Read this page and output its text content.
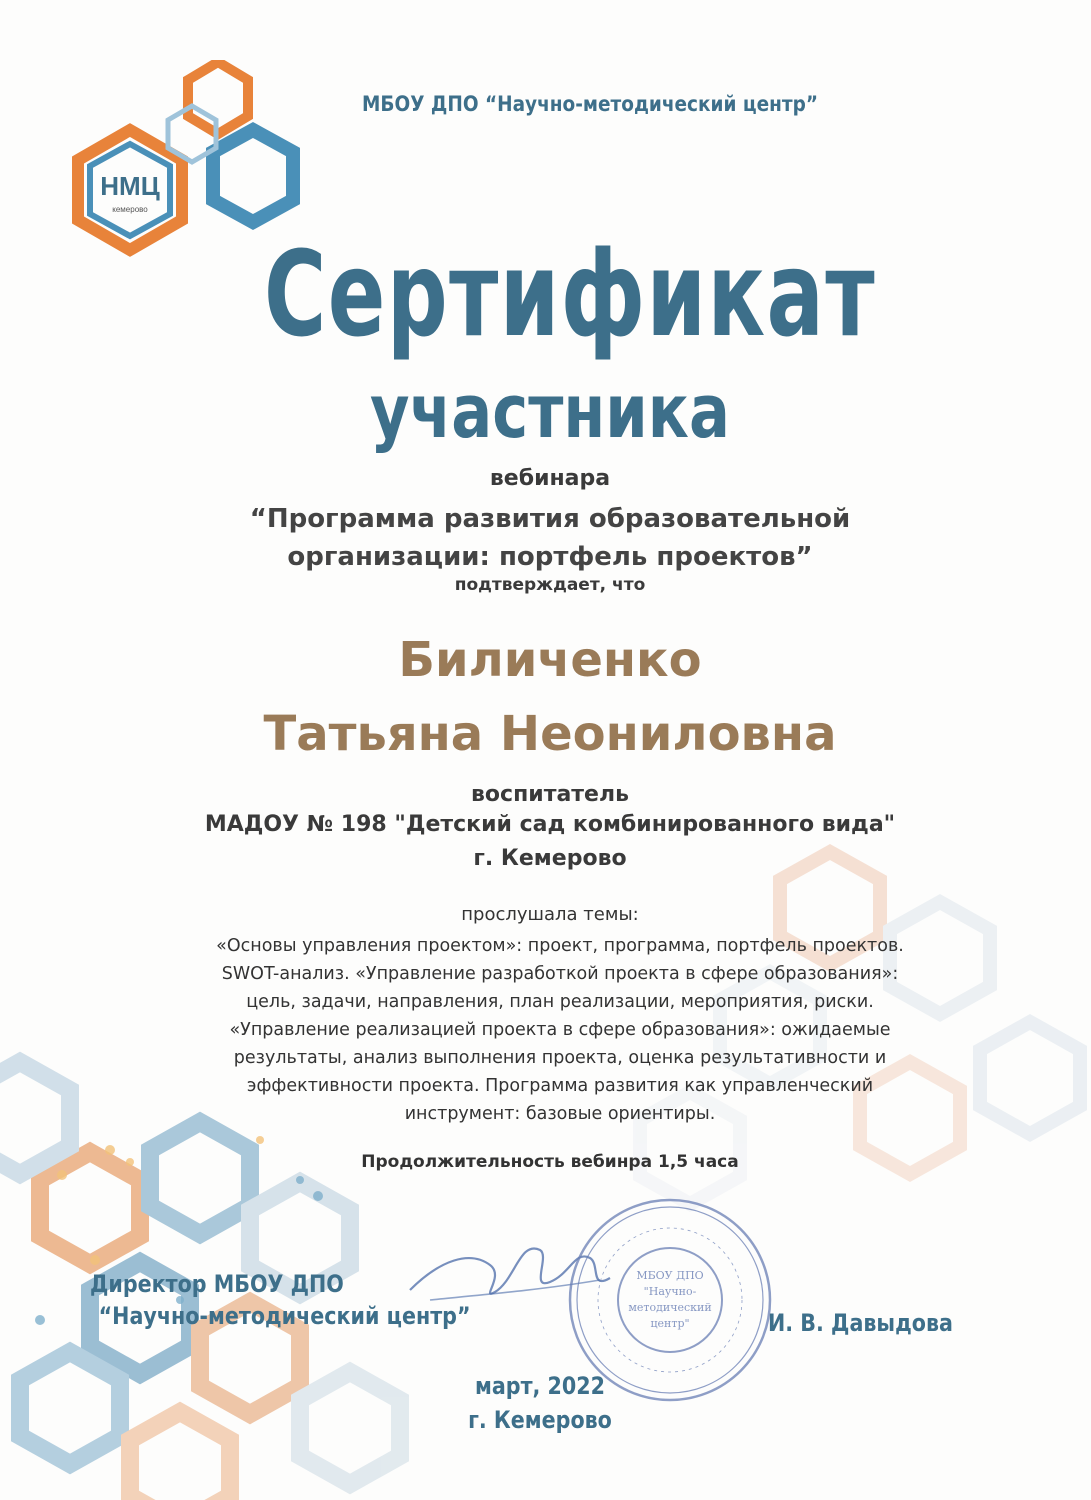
НМЦ
кемерово
МБОУ ДПО “Научно-методический центр”
Сертификат
участника
вебинара
“Программа развития образовательной
организации: портфель проектов”
подтверждает, что
Биличенко
Татьяна Неониловна
воспитатель
МАДОУ № 198 "Детский сад комбинированного вида"
г. Кемерово
прослушала темы:
«Основы управления проектом»: проект, программа, портфель проектов.
SWOT-анализ. «Управление разработкой проекта в сфере образования»:
цель, задачи, направления, план реализации, мероприятия, риски.
«Управление реализацией проекта в сфере образования»: ожидаемые
результаты, анализ выполнения проекта, оценка результативности и
эффективности проекта. Программа развития как управленческий
инструмент: базовые ориентиры.
Продолжительность вебинра 1,5 часа
МБОУ ДПО
"Научно-
методический
центр"
Директор МБОУ ДПО
“Научно-методический центр”	И. В. Давыдова
март, 2022
г. Кемерово
